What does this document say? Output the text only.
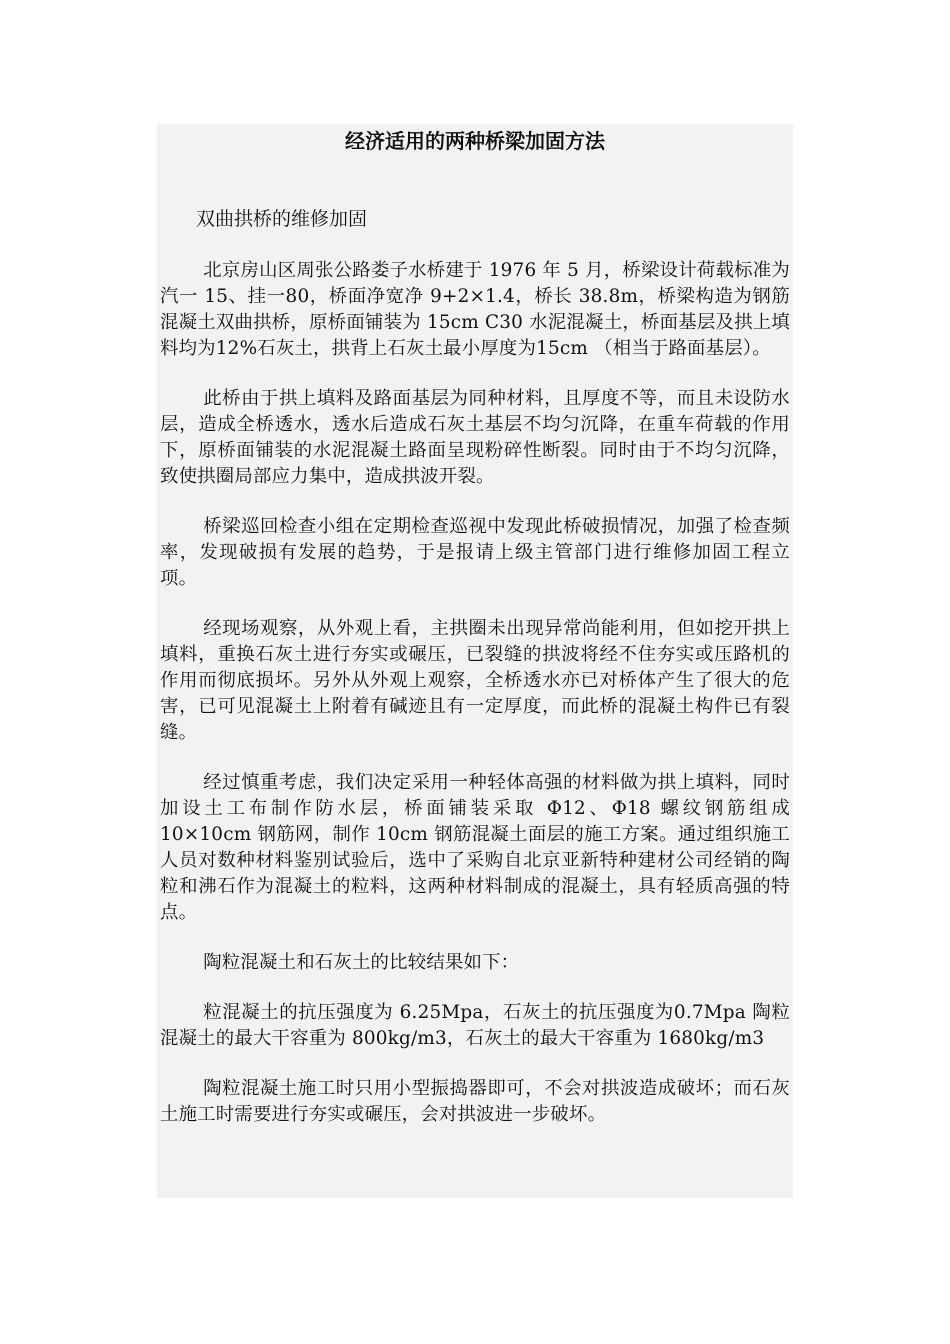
经济适用的两种桥梁加固方法
双曲拱桥的维修加固

北京房山区周张公路娄子水桥建于 1976 年 5 月，桥梁设计荷载标准为汽一 15、挂一80，桥面净宽净 9+2×1.4，桥长 38.8m，桥梁构造为钢筋混凝土双曲拱桥，原桥面铺装为 15cm C30 水泥混凝土，桥面基层及拱上填料均为12%石灰土，拱背上石灰土最小厚度为15cm （相当于路面基层）。

此桥由于拱上填料及路面基层为同种材料，且厚度不等，而且未设防水层，造成全桥透水，透水后造成石灰土基层不均匀沉降，在重车荷载的作用下，原桥面铺装的水泥混凝土路面呈现粉碎性断裂。同时由于不均匀沉降，致使拱圈局部应力集中，造成拱波开裂。

桥梁巡回检查小组在定期检查巡视中发现此桥破损情况，加强了检查频率，发现破损有发展的趋势，于是报请上级主管部门进行维修加固工程立项。

经现场观察，从外观上看，主拱圈未出现异常尚能利用，但如挖开拱上填料，重换石灰土进行夯实或碾压，已裂缝的拱波将经不住夯实或压路机的作用而彻底损坏。另外从外观上观察，全桥透水亦已对桥体产生了很大的危害，已可见混凝土上附着有碱迹且有一定厚度，而此桥的混凝土构件已有裂缝。

经过慎重考虑，我们决定采用一种轻体高强的材料做为拱上填料，同时加设土工布制作防水层，桥面铺装采取 Φ12、Φ18 螺纹钢筋组成 10×10cm 钢筋网，制作 10cm 钢筋混凝土面层的施工方案。通过组织施工人员对数种材料鉴别试验后，选中了采购自北京亚新特种建材公司经销的陶粒和沸石作为混凝土的粒料，这两种材料制成的混凝土，具有轻质高强的特点。

陶粒混凝土和石灰土的比较结果如下：

粒混凝土的抗压强度为 6.25Mpa，石灰土的抗压强度为0.7Mpa 陶粒混凝土的最大干容重为 800kg/m3，石灰土的最大干容重为 1680kg/m3

陶粒混凝土施工时只用小型振捣器即可，不会对拱波造成破坏；而石灰土施工时需要进行夯实或碾压，会对拱波进一步破坏。
